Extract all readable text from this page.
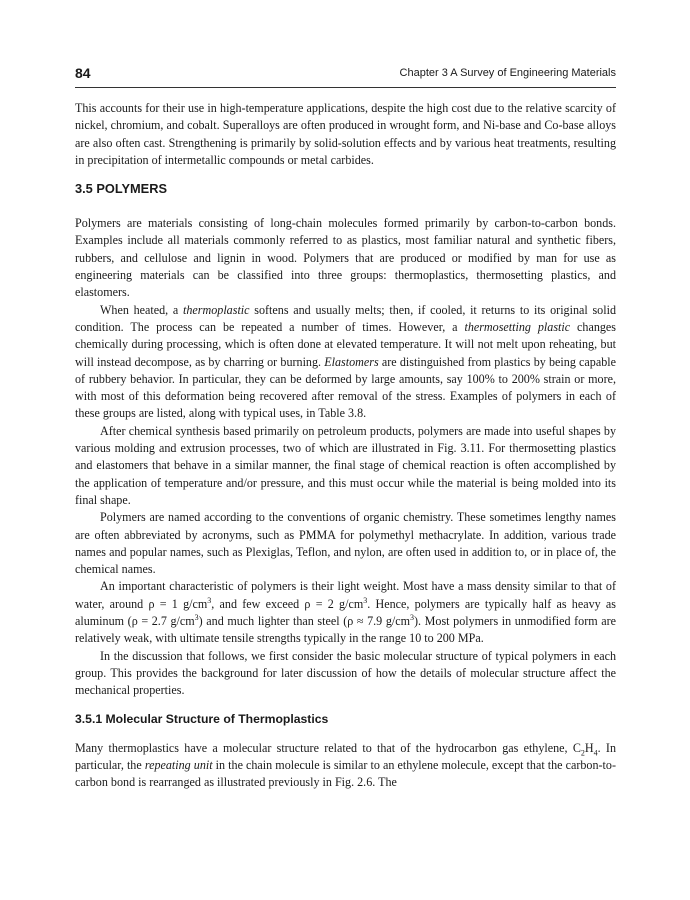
84	Chapter 3 A Survey of Engineering Materials

This accounts for their use in high-temperature applications, despite the high cost due to the relative scarcity of nickel, chromium, and cobalt. Superalloys are often produced in wrought form, and Ni-base and Co-base alloys are also often cast. Strengthening is primarily by solid-solution effects and by various heat treatments, resulting in precipitation of intermetallic compounds or metal carbides.

3.5 POLYMERS

Polymers are materials consisting of long-chain molecules formed primarily by carbon-to-carbon bonds. Examples include all materials commonly referred to as plastics, most familiar natural and synthetic fibers, rubbers, and cellulose and lignin in wood. Polymers that are produced or modified by man for use as engineering materials can be classified into three groups: thermoplastics, thermosetting plastics, and elastomers.

When heated, a thermoplastic softens and usually melts; then, if cooled, it returns to its original solid condition. The process can be repeated a number of times. However, a thermosetting plastic changes chemically during processing, which is often done at elevated temperature. It will not melt upon reheating, but will instead decompose, as by charring or burning. Elastomers are distinguished from plastics by being capable of rubbery behavior. In particular, they can be deformed by large amounts, say 100% to 200% strain or more, with most of this deformation being recovered after removal of the stress. Examples of polymers in each of these groups are listed, along with typical uses, in Table 3.8.

After chemical synthesis based primarily on petroleum products, polymers are made into useful shapes by various molding and extrusion processes, two of which are illustrated in Fig. 3.11. For thermosetting plastics and elastomers that behave in a similar manner, the final stage of chemical reaction is often accomplished by the application of temperature and/or pressure, and this must occur while the material is being molded into its final shape.

Polymers are named according to the conventions of organic chemistry. These sometimes lengthy names are often abbreviated by acronyms, such as PMMA for polymethyl methacrylate. In addition, various trade names and popular names, such as Plexiglas, Teflon, and nylon, are often used in addition to, or in place of, the chemical names.

An important characteristic of polymers is their light weight. Most have a mass density similar to that of water, around ρ = 1 $g/cm^3$, and few exceed ρ = 2 $g/cm^3$. Hence, polymers are typically half as heavy as aluminum (ρ = 2.7 $g/cm^3$) and much lighter than steel (ρ ≈ 7.9 $g/cm^3$). Most polymers in unmodified form are relatively weak, with ultimate tensile strengths typically in the range 10 to 200 MPa.

In the discussion that follows, we first consider the basic molecular structure of typical polymers in each group. This provides the background for later discussion of how the details of molecular structure affect the mechanical properties.

3.5.1 Molecular Structure of Thermoplastics

Many thermoplastics have a molecular structure related to that of the hydrocarbon gas ethylene, $C_2H_4$. In particular, the repeating unit in the chain molecule is similar to an ethylene molecule, except that the carbon-to-carbon bond is rearranged as illustrated previously in Fig. 2.6. The
